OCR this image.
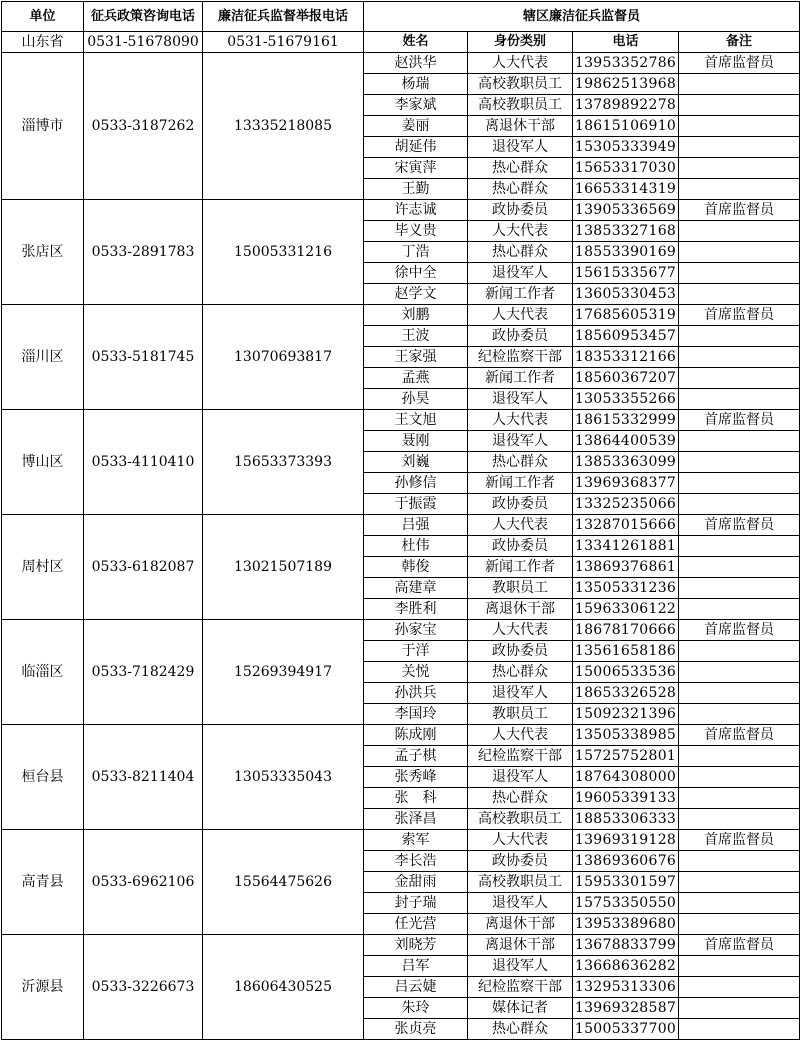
单位	征兵政策咨询电话	廉洁征兵监督举报电话	辖区廉洁征兵监督员			
山东省	0531-51678090	0531-51679161	姓名	身份类别	电话	备注
淄博市	0533-3187262	13335218085	赵洪华	人大代表	13953352786	首席监督员
			杨瑞	高校教职员工	19862513968	
			李家斌	高校教职员工	13789892278	
			姜丽	离退休干部	18615106910	
			胡延伟	退役军人	15305333949	
			宋寅萍	热心群众	15653317030	
			王勤	热心群众	16653314319	
张店区	0533-2891783	15005331216	许志诚	政协委员	13905336569	首席监督员
			毕义贵	人大代表	13853327168	
			丁浩	热心群众	18553390169	
			徐中全	退役军人	15615335677	
			赵学文	新闻工作者	13605330453	
淄川区	0533-5181745	13070693817	刘鹏	人大代表	17685605319	首席监督员
			王波	政协委员	18560953457	
			王家强	纪检监察干部	18353312166	
			孟燕	新闻工作者	18560367207	
			孙昊	退役军人	13053355266	
博山区	0533-4110410	15653373393	王文旭	人大代表	18615332999	首席监督员
			聂刚	退役军人	13864400539	
			刘巍	热心群众	13853363099	
			孙修信	新闻工作者	13969368377	
			于振霞	政协委员	13325235066	
周村区	0533-6182087	13021507189	吕强	人大代表	13287015666	首席监督员
			杜伟	政协委员	13341261881	
			韩俊	新闻工作者	13869376861	
			高建章	教职员工	13505331236	
			李胜利	离退休干部	15963306122	
临淄区	0533-7182429	15269394917	孙家宝	人大代表	18678170666	首席监督员
			于洋	政协委员	13561658186	
			关悦	热心群众	15006533536	
			孙洪兵	退役军人	18653326528	
			李国玲	教职员工	15092321396	
桓台县	0533-8211404	13053335043	陈成刚	人大代表	13505338985	首席监督员
			孟子棋	纪检监察干部	15725752801	
			张秀峰	退役军人	18764308000	
			张　科	热心群众	19605339133	
			张泽昌	高校教职员工	18853306333	
高青县	0533-6962106	15564475626	索军	人大代表	13969319128	首席监督员
			李长浩	政协委员	13869360676	
			金甜雨	高校教职员工	15953301597	
			封子瑞	退役军人	15753350550	
			任光营	离退休干部	13953389680	
沂源县	0533-3226673	18606430525	刘晓芳	离退休干部	13678833799	首席监督员
			吕军	退役军人	13668636282	
			吕云婕	纪检监察干部	13295313306	
			朱玲	媒体记者	13969328587	
			张贞亮	热心群众	15005337700	
